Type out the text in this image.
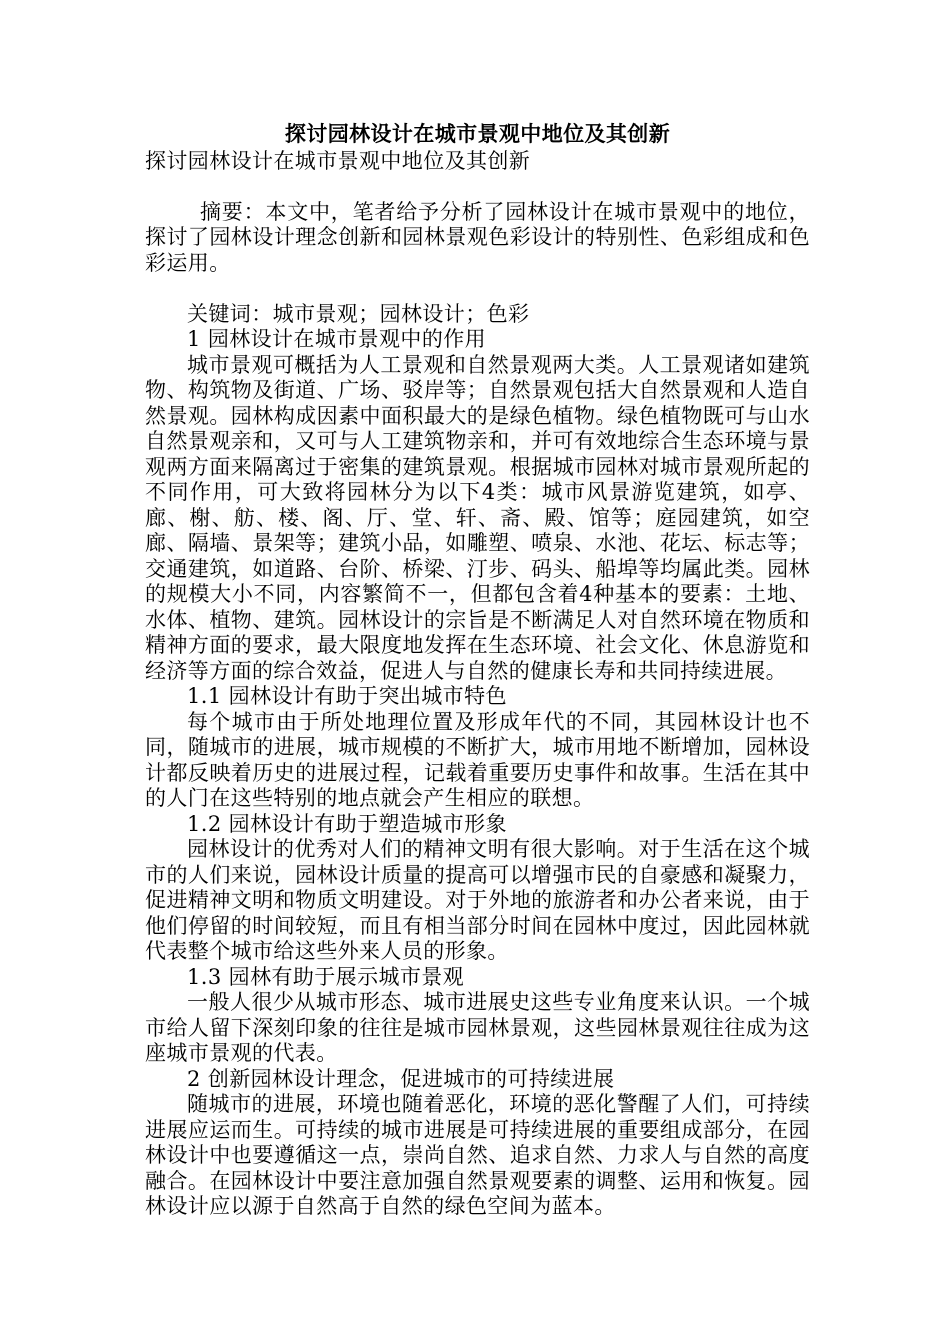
探讨园林设计在城市景观中地位及其创新
探讨园林设计在城市景观中地位及其创新

摘要：本文中，笔者给予分析了园林设计在城市景观中的地位，探讨了园林设计理念创新和园林景观色彩设计的特别性、色彩组成和色彩运用。

关键词：城市景观；园林设计；色彩

1 园林设计在城市景观中的作用

城市景观可概括为人工景观和自然景观两大类。人工景观诸如建筑物、构筑物及街道、广场、驳岸等；自然景观包括大自然景观和人造自然景观。园林构成因素中面积最大的是绿色植物。绿色植物既可与山水自然景观亲和，又可与人工建筑物亲和，并可有效地综合生态环境与景观两方面来隔离过于密集的建筑景观。根据城市园林对城市景观所起的不同作用，可大致将园林分为以下4类：城市风景游览建筑，如亭、廊、榭、舫、楼、阁、厅、堂、轩、斋、殿、馆等；庭园建筑，如空廊、隔墙、景架等；建筑小品，如雕塑、喷泉、水池、花坛、标志等；交通建筑，如道路、台阶、桥梁、汀步、码头、船埠等均属此类。园林的规模大小不同，内容繁简不一，但都包含着4种基本的要素：土地、水体、植物、建筑。园林设计的宗旨是不断满足人对自然环境在物质和精神方面的要求，最大限度地发挥在生态环境、社会文化、休息游览和经济等方面的综合效益，促进人与自然的健康长寿和共同持续进展。

1.1 园林设计有助于突出城市特色

每个城市由于所处地理位置及形成年代的不同，其园林设计也不同，随城市的进展，城市规模的不断扩大，城市用地不断增加，园林设计都反映着历史的进展过程，记载着重要历史事件和故事。生活在其中的人门在这些特别的地点就会产生相应的联想。

1.2 园林设计有助于塑造城市形象

园林设计的优秀对人们的精神文明有很大影响。对于生活在这个城市的人们来说，园林设计质量的提高可以增强市民的自豪感和凝聚力，促进精神文明和物质文明建设。对于外地的旅游者和办公者来说，由于他们停留的时间较短，而且有相当部分时间在园林中度过，因此园林就代表整个城市给这些外来人员的形象。

1.3 园林有助于展示城市景观

一般人很少从城市形态、城市进展史这些专业角度来认识。一个城市给人留下深刻印象的往往是城市园林景观，这些园林景观往往成为这座城市景观的代表。

2 创新园林设计理念，促进城市的可持续进展

随城市的进展，环境也随着恶化，环境的恶化警醒了人们，可持续进展应运而生。可持续的城市进展是可持续进展的重要组成部分，在园林设计中也要遵循这一点，崇尚自然、追求自然、力求人与自然的高度融合。在园林设计中要注意加强自然景观要素的调整、运用和恢复。园林设计应以源于自然高于自然的绿色空间为蓝本。
